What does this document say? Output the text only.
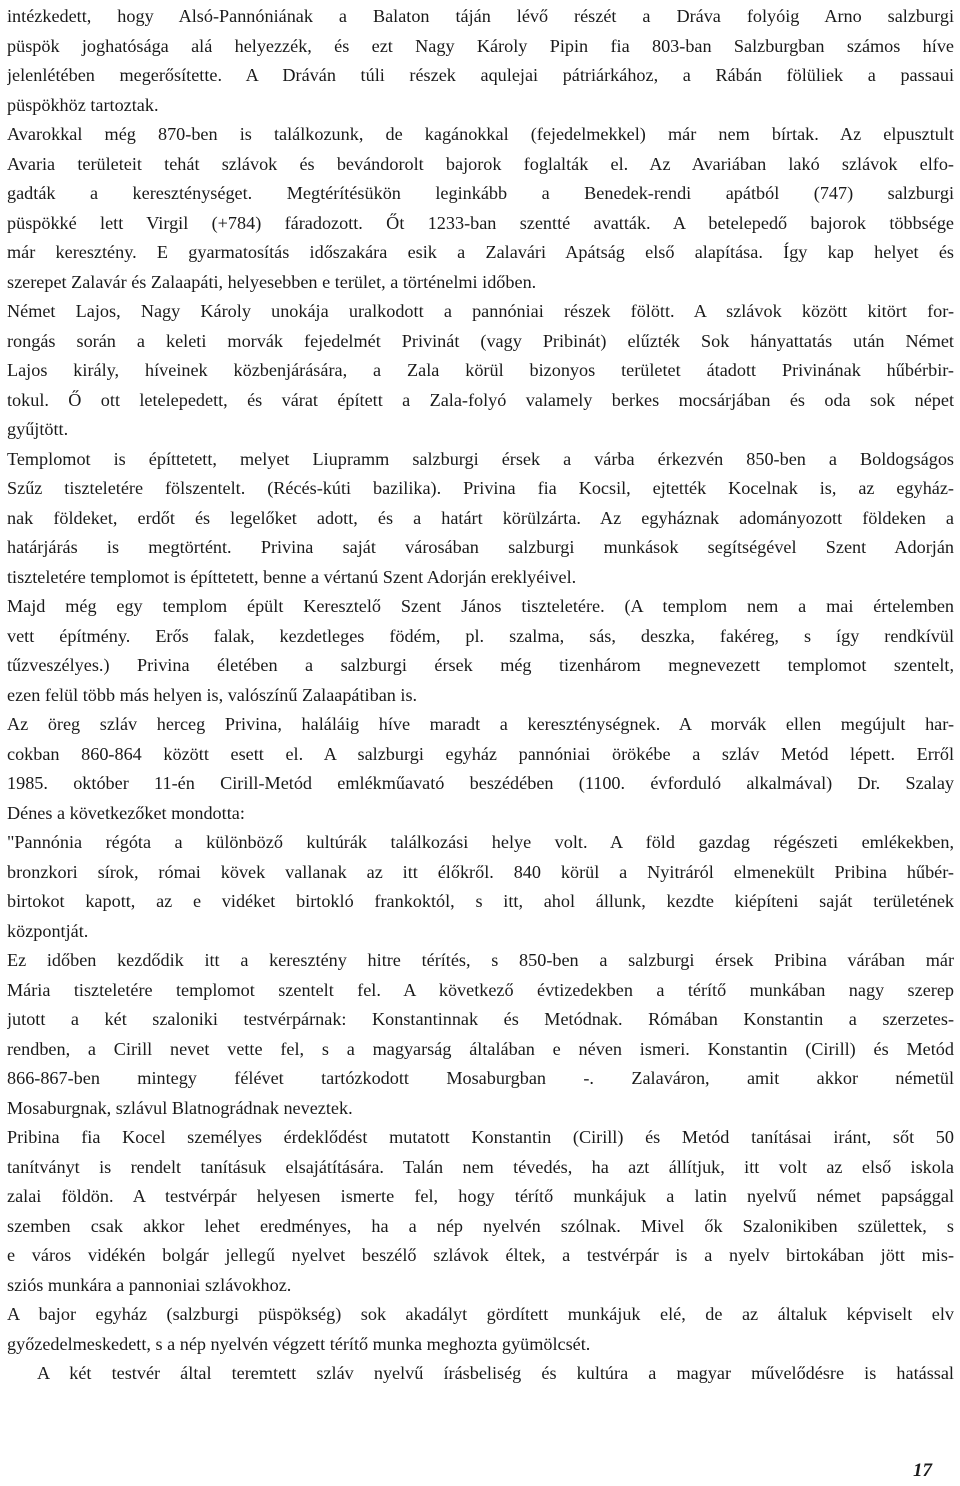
intézkedett, hogy Alsó-Pannóniának a Balaton táján lévő részét a Dráva folyóig Arno salzburgi
püspök joghatósága alá helyezzék, és ezt Nagy Károly Pipin fia 803-ban Salzburgban számos híve
jelenlétében megerősítette. A Dráván túli részek aqulejai pátriárkához, a Rábán fölüliek a passaui
püspökhöz tartoztak.

Avarokkal még 870-ben is találkozunk, de kagánokkal (fejedelmekkel) már nem bírtak. Az elpusztult
Avaria területeit tehát szlávok és bevándorolt bajorok foglalták el. Az Avariában lakó szlávok elfo-
gadták a kereszténységet. Megtérítésükön leginkább a Benedek-rendi apátból (747) salzburgi
püspökké lett Virgil (+784) fáradozott. Őt 1233-ban szentté avatták. A betelepedő bajorok többsége
már keresztény. E gyarmatosítás időszakára esik a Zalavári Apátság első alapítása. Így kap helyet és
szerepet Zalavár és Zalaapáti, helyesebben e terület, a történelmi időben.

Német Lajos, Nagy Károly unokája uralkodott a pannóniai részek fölött. A szlávok között kitört for-
rongás során a keleti morvák fejedelmét Privinát (vagy Pribinát) elűzték Sok hányattatás után Német
Lajos király, híveinek közbenjárására, a Zala körül bizonyos területet átadott Privinának hűbérbir-
tokul. Ő ott letelepedett, és várat épített a Zala-folyó valamely berkes mocsárjában és oda sok népet
gyűjtött.

Templomot is építtetett, melyet Liupramm salzburgi érsek a várba érkezvén 850-ben a Boldogságos
Szűz tiszteletére fölszentelt. (Récés-kúti bazilika). Privina fia Kocsil, ejtették Kocelnak is, az egyház-
nak földeket, erdőt és legelőket adott, és a határt körülzárta. Az egyháznak adományozott földeken a
határjárás is megtörtént. Privina saját városában salzburgi munkások segítségével Szent Adorján
tiszteletére templomot is építtetett, benne a vértanú Szent Adorján ereklyéivel.

Majd még egy templom épült Keresztelő Szent János tiszteletére. (A templom nem a mai értelemben
vett építmény. Erős falak, kezdetleges födém, pl. szalma, sás, deszka, fakéreg, s így rendkívül
tűzveszélyes.) Privina életében a salzburgi érsek még tizenhárom megnevezett templomot szentelt,
ezen felül több más helyen is, valószínű Zalaapátiban is.

Az öreg szláv herceg Privina, haláláig híve maradt a kereszténységnek. A morvák ellen megújult har-
cokban 860-864 között esett el. A salzburgi egyház pannóniai örökébe a szláv Metód lépett. Erről
1985. október 11-én Cirill-Metód emlékműavató beszédében (1100. évforduló alkalmával) Dr. Szalay
Dénes a következőket mondotta:

"Pannónia régóta a különböző kultúrák találkozási helye volt. A föld gazdag régészeti emlékekben,
bronzkori sírok, római kövek vallanak az itt élőkről. 840 körül a Nyitráról elmenekült Pribina hűbér-
birtokot kapott, az e vidéket birtokló frankoktól, s itt, ahol állunk, kezdte kiépíteni saját területének
központját.

Ez időben kezdődik itt a keresztény hitre térítés, s 850-ben a salzburgi érsek Pribina várában már
Mária tiszteletére templomot szentelt fel. A következő évtizedekben a térítő munkában nagy szerep
jutott a két szaloniki testvérpárnak: Konstantinnak és Metódnak. Rómában Konstantin a szerzetes-
rendben, a Cirill nevet vette fel, s a magyarság általában e néven ismeri. Konstantin (Cirill) és Metód
866-867-ben mintegy félévet tartózkodott Mosaburgban -. Zalaváron, amit akkor németül
Mosaburgnak, szlávul Blatnográdnak neveztek.

Pribina fia Kocel személyes érdeklődést mutatott Konstantin (Cirill) és Metód tanításai iránt, sőt 50
tanítványt is rendelt tanításuk elsajátítására. Talán nem tévedés, ha azt állítjuk, itt volt az első iskola
zalai földön. A testvérpár helyesen ismerte fel, hogy térítő munkájuk a latin nyelvű német papsággal
szemben csak akkor lehet eredményes, ha a nép nyelvén szólnak. Mivel ők Szalonikiben születtek, s
e város vidékén bolgár jellegű nyelvet beszélő szlávok éltek, a testvérpár is a nyelv birtokában jött mis-
sziós munkára a pannoniai szlávokhoz.

A bajor egyház (salzburgi püspökség) sok akadályt gördített munkájuk elé, de az általuk képviselt elv
győzedelmeskedett, s a nép nyelvén végzett térítő munka meghozta gyümölcsét.

A két testvér által teremtett szláv nyelvű írásbeliség és kultúra a magyar művelődésre is hatással

17
